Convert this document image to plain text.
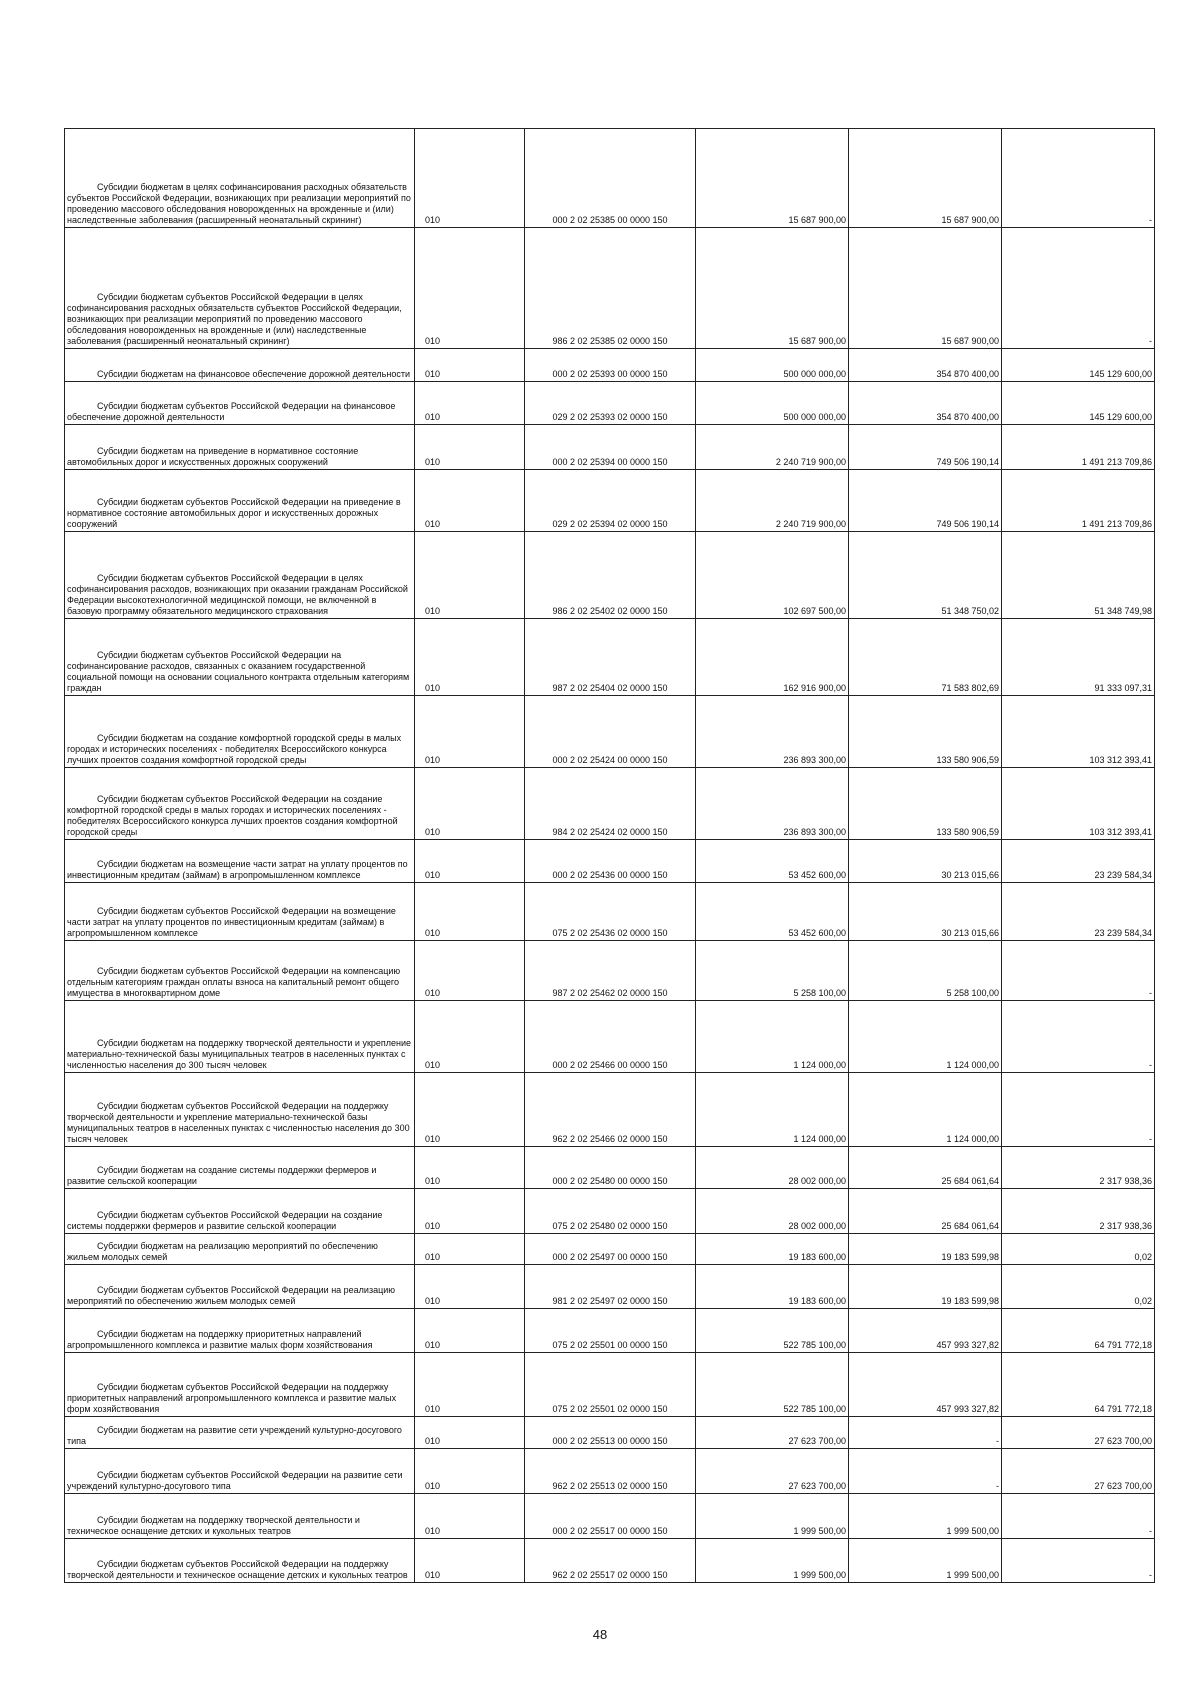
Субсидии бюджетам в целях софинансирования расходных обязательств субъектов Российской Федерации, возникающих при реализации мероприятий по проведению массового обследования новорожденных на врожденные и (или) наследственные заболевания (расширенный неонатальный скрининг)	010	000 2 02 25385 00 0000 150	15 687 900,00	15 687 900,00	-

Субсидии бюджетам субъектов Российской Федерации в целях софинансирования расходных обязательств субъектов Российской Федерации, возникающих при реализации мероприятий по проведению массового обследования новорожденных на врожденные и (или) наследственные заболевания (расширенный неонатальный скрининг)	010	986 2 02 25385 02 0000 150	15 687 900,00	15 687 900,00	-

Субсидии бюджетам на финансовое обеспечение дорожной деятельности	010	000 2 02 25393 00 0000 150	500 000 000,00	354 870 400,00	145 129 600,00

Субсидии бюджетам субъектов Российской Федерации на финансовое обеспечение дорожной деятельности	010	029 2 02 25393 02 0000 150	500 000 000,00	354 870 400,00	145 129 600,00

Субсидии бюджетам на приведение в нормативное состояние автомобильных дорог и искусственных дорожных сооружений	010	000 2 02 25394 00 0000 150	2 240 719 900,00	749 506 190,14	1 491 213 709,86

Субсидии бюджетам субъектов Российской Федерации на приведение в нормативное состояние автомобильных дорог и искусственных дорожных сооружений	010	029 2 02 25394 02 0000 150	2 240 719 900,00	749 506 190,14	1 491 213 709,86

Субсидии бюджетам субъектов Российской Федерации в целях софинансирования расходов, возникающих при оказании гражданам Российской Федерации высокотехнологичной медицинской помощи, не включенной в базовую программу обязательного медицинского страхования	010	986 2 02 25402 02 0000 150	102 697 500,00	51 348 750,02	51 348 749,98

Субсидии бюджетам субъектов Российской Федерации на софинансирование расходов, связанных с оказанием государственной социальной помощи на основании социального контракта отдельным категориям граждан	010	987 2 02 25404 02 0000 150	162 916 900,00	71 583 802,69	91 333 097,31

Субсидии бюджетам на создание комфортной городской среды в малых городах и исторических поселениях - победителях Всероссийского конкурса лучших проектов создания комфортной городской среды	010	000 2 02 25424 00 0000 150	236 893 300,00	133 580 906,59	103 312 393,41

Субсидии бюджетам субъектов Российской Федерации на создание комфортной городской среды в малых городах и исторических поселениях - победителях Всероссийского конкурса лучших проектов создания комфортной городской среды	010	984 2 02 25424 02 0000 150	236 893 300,00	133 580 906,59	103 312 393,41

Субсидии бюджетам на возмещение части затрат на уплату процентов по инвестиционным кредитам (займам) в агропромышленном комплексе	010	000 2 02 25436 00 0000 150	53 452 600,00	30 213 015,66	23 239 584,34

Субсидии бюджетам субъектов Российской Федерации на возмещение части затрат на уплату процентов по инвестиционным кредитам (займам) в агропромышленном комплексе	010	075 2 02 25436 02 0000 150	53 452 600,00	30 213 015,66	23 239 584,34

Субсидии бюджетам субъектов Российской Федерации на компенсацию отдельным категориям граждан оплаты взноса на капитальный ремонт общего имущества в многоквартирном доме	010	987 2 02 25462 02 0000 150	5 258 100,00	5 258 100,00	-

Субсидии бюджетам на поддержку творческой деятельности и укрепление материально-технической базы муниципальных театров в населенных пунктах с численностью населения до 300 тысяч человек	010	000 2 02 25466 00 0000 150	1 124 000,00	1 124 000,00	-

Субсидии бюджетам субъектов Российской Федерации на поддержку творческой деятельности и укрепление материально-технической базы муниципальных театров в населенных пунктах с численностью населения до 300 тысяч человек	010	962 2 02 25466 02 0000 150	1 124 000,00	1 124 000,00	-

Субсидии бюджетам на создание системы поддержки фермеров и развитие сельской кооперации	010	000 2 02 25480 00 0000 150	28 002 000,00	25 684 061,64	2 317 938,36

Субсидии бюджетам субъектов Российской Федерации на создание системы поддержки фермеров и развитие сельской кооперации	010	075 2 02 25480 02 0000 150	28 002 000,00	25 684 061,64	2 317 938,36

Субсидии бюджетам на реализацию мероприятий по обеспечению жильем молодых семей	010	000 2 02 25497 00 0000 150	19 183 600,00	19 183 599,98	0,02

Субсидии бюджетам субъектов Российской Федерации на реализацию мероприятий по обеспечению жильем молодых семей	010	981 2 02 25497 02 0000 150	19 183 600,00	19 183 599,98	0,02

Субсидии бюджетам на поддержку приоритетных направлений агропромышленного комплекса и развитие малых форм хозяйствования	010	075 2 02 25501 00 0000 150	522 785 100,00	457 993 327,82	64 791 772,18

Субсидии бюджетам субъектов Российской Федерации на поддержку приоритетных направлений агропромышленного комплекса и развитие малых форм хозяйствования	010	075 2 02 25501 02 0000 150	522 785 100,00	457 993 327,82	64 791 772,18

Субсидии бюджетам на развитие сети учреждений культурно-досугового типа	010	000 2 02 25513 00 0000 150	27 623 700,00	-	27 623 700,00

Субсидии бюджетам субъектов Российской Федерации на развитие сети учреждений культурно-досугового типа	010	962 2 02 25513 02 0000 150	27 623 700,00	-	27 623 700,00

Субсидии бюджетам на поддержку творческой деятельности и техническое оснащение детских и кукольных театров	010	000 2 02 25517 00 0000 150	1 999 500,00	1 999 500,00	-

Субсидии бюджетам субъектов Российской Федерации на поддержку творческой деятельности и техническое оснащение детских и кукольных театров	010	962 2 02 25517 02 0000 150	1 999 500,00	1 999 500,00	-
48
